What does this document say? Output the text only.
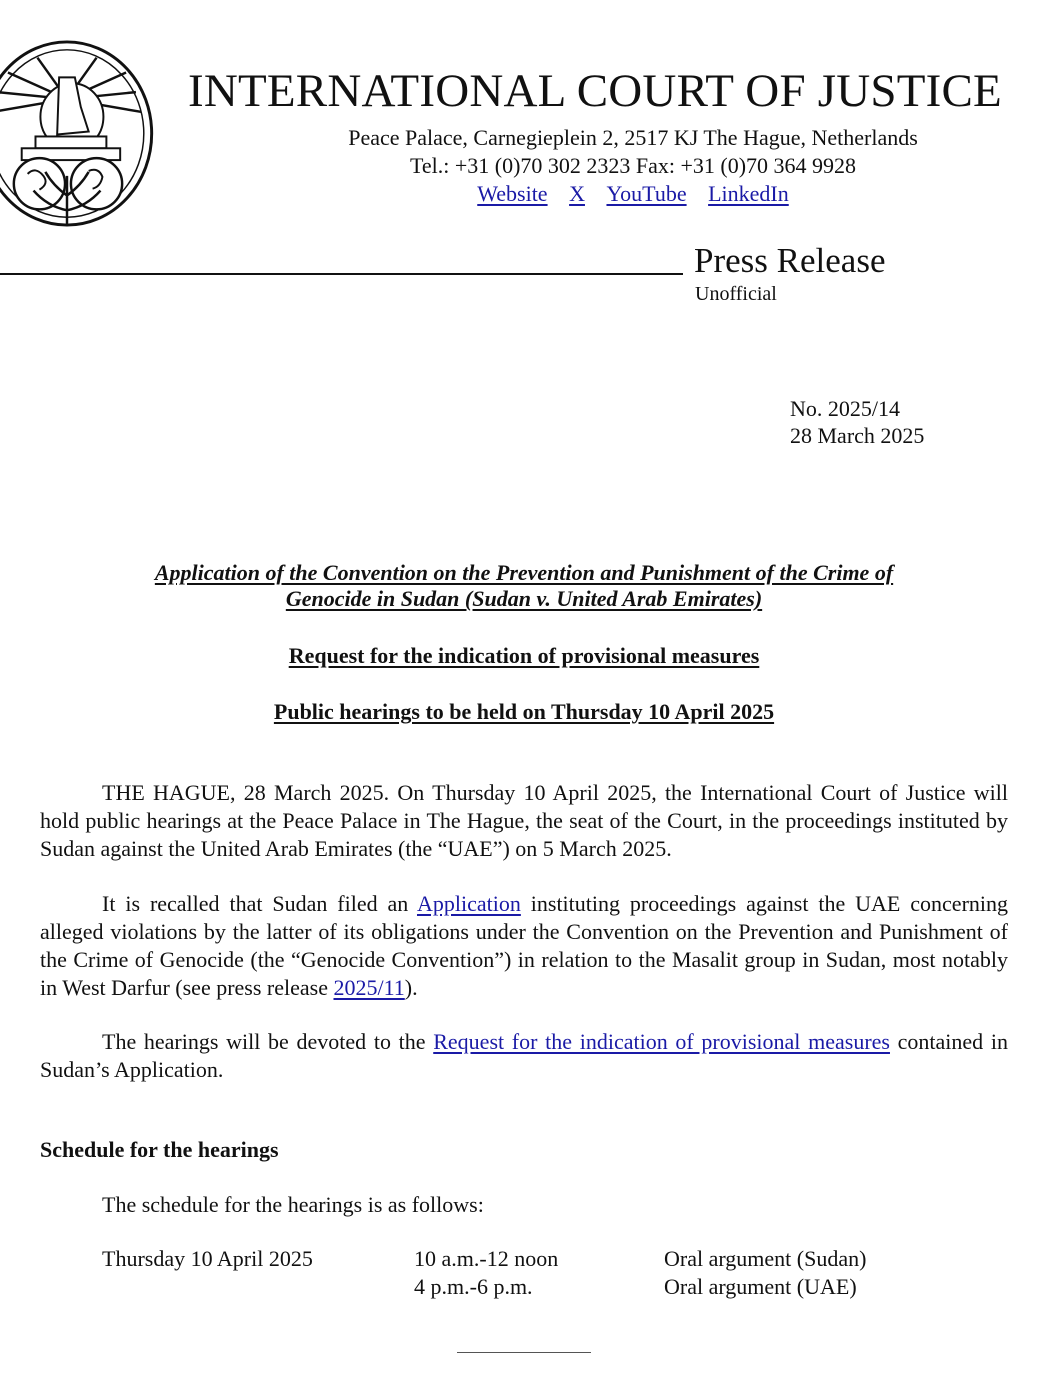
INTERNATIONAL COURT OF JUSTICE
Peace Palace, Carnegieplein 2, 2517 KJ The Hague, Netherlands
Tel.: +31 (0)70 302 2323 Fax: +31 (0)70 364 9928
Website X YouTube LinkedIn
Press Release
Unofficial
No. 2025/14
28 March 2025
Application of the Convention on the Prevention and Punishment of the Crime of Genocide in Sudan (Sudan v. United Arab Emirates)
Request for the indication of provisional measures
Public hearings to be held on Thursday 10 April 2025
THE HAGUE, 28 March 2025. On Thursday 10 April 2025, the International Court of Justice will hold public hearings at the Peace Palace in The Hague, the seat of the Court, in the proceedings instituted by Sudan against the United Arab Emirates (the “UAE”) on 5 March 2025.
It is recalled that Sudan filed an Application instituting proceedings against the UAE concerning alleged violations by the latter of its obligations under the Convention on the Prevention and Punishment of the Crime of Genocide (the “Genocide Convention”) in relation to the Masalit group in Sudan, most notably in West Darfur (see press release 2025/11).
The hearings will be devoted to the Request for the indication of provisional measures contained in Sudan’s Application.
Schedule for the hearings
The schedule for the hearings is as follows:
Thursday 10 April 2025	10 a.m.-12 noon	Oral argument (Sudan)
4 p.m.-6 p.m.	Oral argument (UAE)
